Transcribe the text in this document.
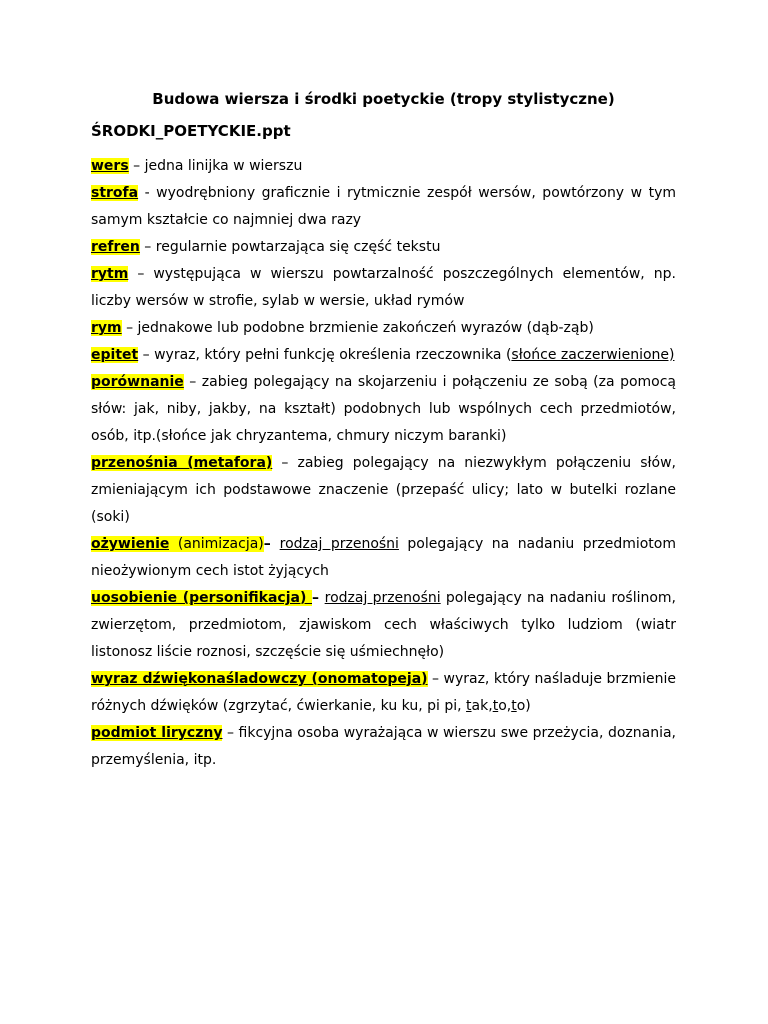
Budowa wiersza i środki poetyckie (tropy stylistyczne)
ŚRODKI_POETYCKIE.ppt

wers – jedna linijka w wierszu

strofa - wyodrębniony graficznie i rytmicznie zespół wersów, powtórzony w tym samym kształcie co najmniej dwa razy

refren – regularnie powtarzająca się część tekstu

rytm – występująca w wierszu powtarzalność poszczególnych elementów, np. liczby wersów w strofie, sylab w wersie, układ rymów

rym – jednakowe lub podobne brzmienie zakończeń wyrazów (dąb-ząb)

epitet – wyraz, który pełni funkcję określenia rzeczownika (słońce zaczerwienione)

porównanie – zabieg polegający na skojarzeniu i połączeniu ze sobą (za pomocą słów: jak, niby, jakby, na kształt) podobnych lub wspólnych cech przedmiotów, osób, itp.(słońce jak chryzantema, chmury niczym baranki)

przenośnia (metafora) – zabieg polegający na niezwykłym połączeniu słów, zmieniającym ich podstawowe znaczenie (przepaść ulicy; lato w butelki rozlane (soki)

ożywienie (animizacja)– rodzaj przenośni polegający na nadaniu przedmiotom nieożywionym cech istot żyjących

uosobienie (personifikacja) – rodzaj przenośni polegający na nadaniu roślinom, zwierzętom, przedmiotom, zjawiskom cech właściwych tylko ludziom (wiatr listonosz liście roznosi, szczęście się uśmiechnęło)

wyraz dźwiękonaśladowczy (onomatopeja) – wyraz, który naśladuje brzmienie różnych dźwięków (zgrzytać, ćwierkanie, ku ku, pi pi, tak,to,to)

podmiot liryczny – fikcyjna osoba wyrażająca w wierszu swe przeżycia, doznania, przemyślenia, itp.
